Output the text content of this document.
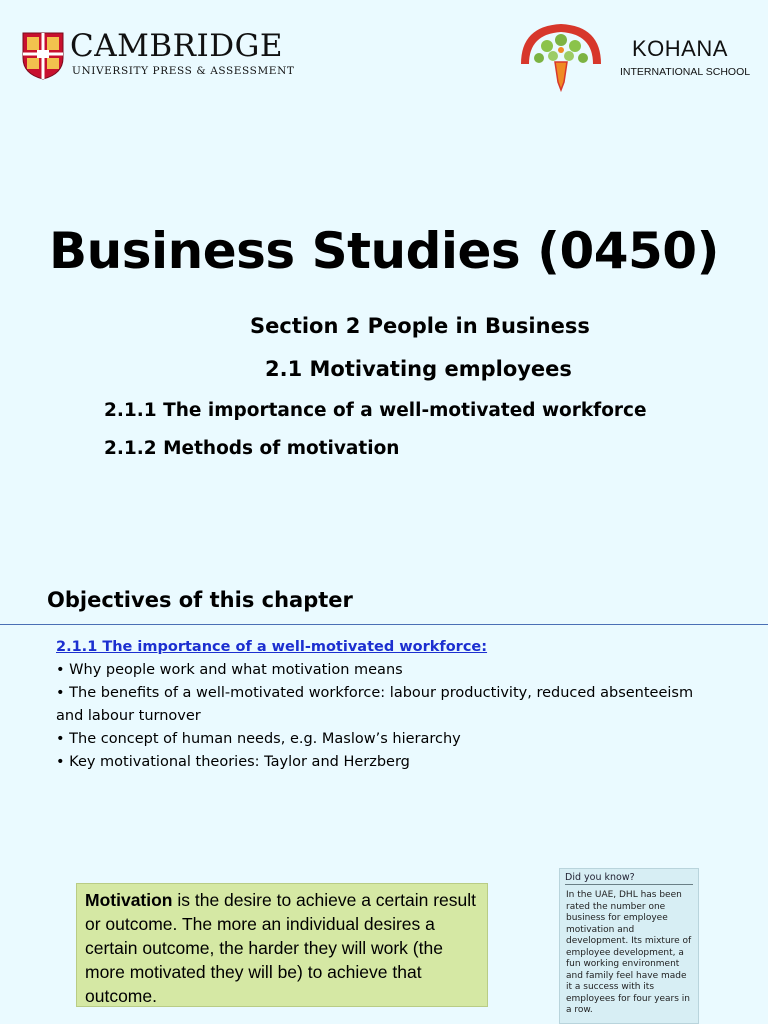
CAMBRIDGE
UNIVERSITY PRESS & ASSESSMENT
KOHANA
INTERNATIONAL SCHOOL
Business Studies (0450)
Section 2 People in Business
2.1 Motivating employees
2.1.1 The importance of a well-motivated workforce
2.1.2 Methods of motivation
Objectives of this chapter
2.1.1 The importance of a well-motivated workforce:
• Why people work and what motivation means
• The benefits of a well-motivated workforce: labour productivity, reduced absenteeism and labour turnover
• The concept of human needs, e.g. Maslow’s hierarchy
• Key motivational theories: Taylor and Herzberg
Motivation is the desire to achieve a certain result or outcome. The more an individual desires a certain outcome, the harder they will work (the more motivated they will be) to achieve that outcome.
Did you know?
In the UAE, DHL has been rated the number one business for employee motivation and development. Its mixture of employee development, a fun working environment and family feel have made it a success with its employees for four years in a row.
